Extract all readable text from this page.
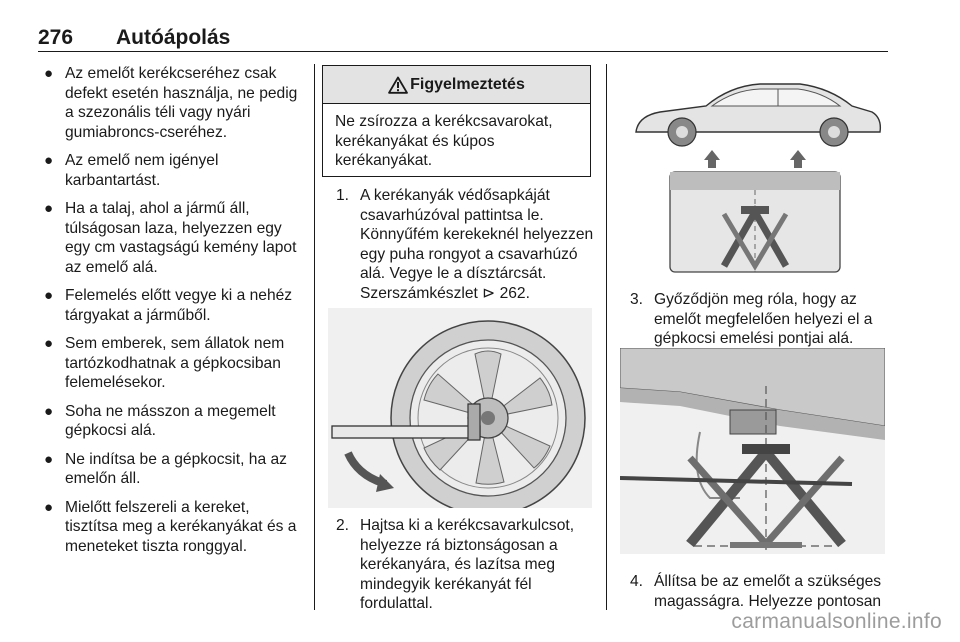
276 Autóápolás
● Az emelőt kerékcseréhez csak defekt esetén használja, ne pedig a szezonális téli vagy nyári gumiabroncs-cseréhez.
● Az emelő nem igényel karbantartást.
● Ha a talaj, ahol a jármű áll, túlságosan laza, helyezzen egy egy cm vastagságú kemény lapot az emelő alá.
● Felemelés előtt vegye ki a nehéz tárgyakat a járműből.
● Sem emberek, sem állatok nem tartózkodhatnak a gépkocsiban felemelésekor.
● Soha ne másszon a megemelt gépkocsi alá.
● Ne indítsa be a gépkocsit, ha az emelőn áll.
● Mielőtt felszereli a kereket, tisztítsa meg a kerékanyákat és a meneteket tiszta ronggyal.
Figyelmeztetés
Ne zsírozza a kerékcsavarokat, kerékanyákat és kúpos kerékanyákat.
1. A kerékanyák védősapkáját csavarhúzóval pattintsa le. Könnyűfém kerekeknél helyezzen egy puha rongyot a csavarhúzó alá. Vegye le a dísztárcsát. Szerszámkészlet ⊳ 262.
2. Hajtsa ki a kerékcsavarkulcsot, helyezze rá biztonságosan a kerékanyára, és lazítsa meg mindegyik kerékanyát fél fordulattal.
3. Győződjön meg róla, hogy az emelőt megfelelően helyezi el a gépkocsi emelési pontjai alá.
4. Állítsa be az emelőt a szükséges magasságra. Helyezze pontosan
carmanualsonline.info
